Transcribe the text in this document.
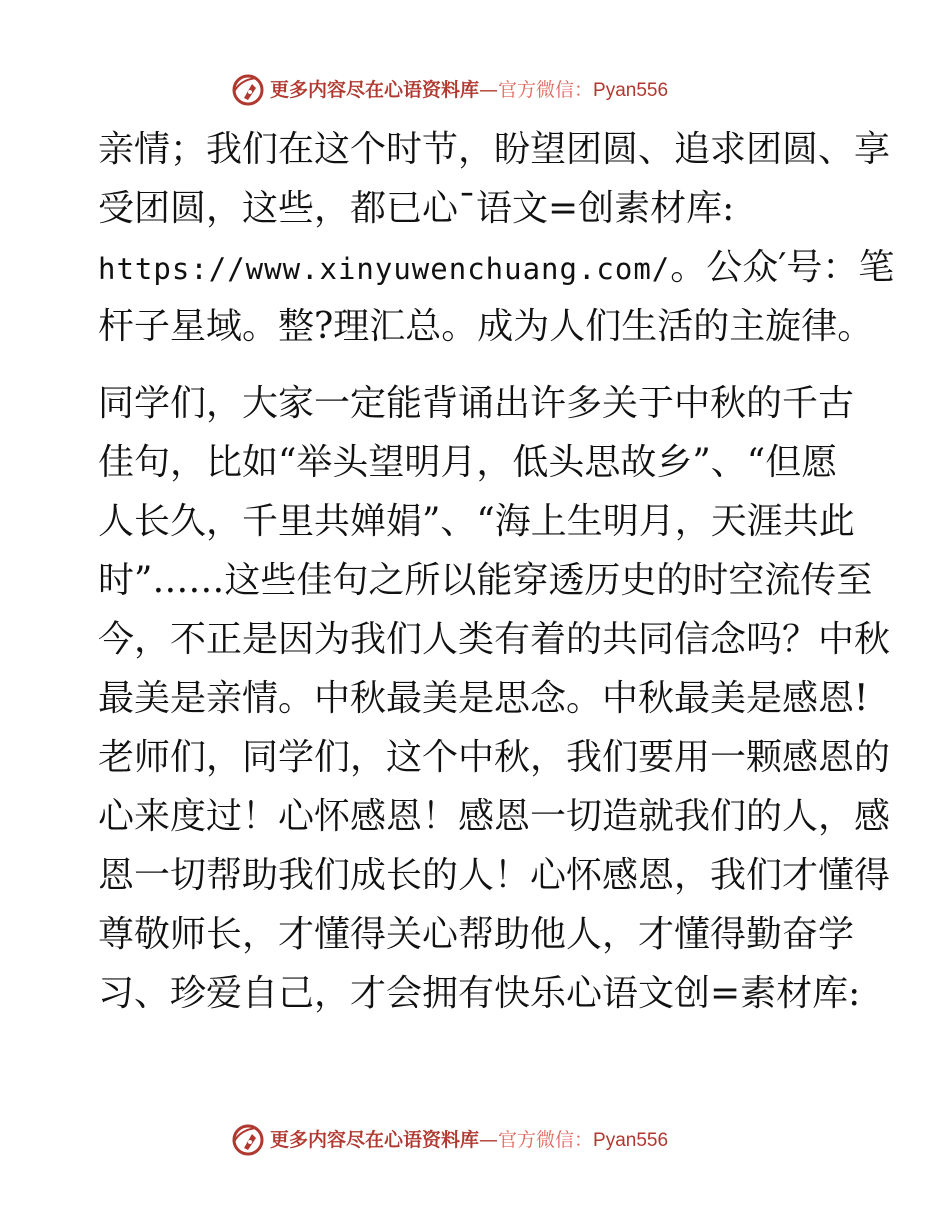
更多内容尽在心语资料库—官方微信：Pyan556
亲情；我们在这个时节，盼望团圆、追求团圆、享
受团圆，这些，都已心¯语文=创素材库:
https://www.xinyuwenchuang.com/。公众′号：笔
杆子星域。整?理汇总。成为人们生活的主旋律。
同学们，大家一定能背诵出许多关于中秋的千古
佳句，比如“举头望明月，低头思故乡”、“但愿
人长久，千里共婵娟”、“海上生明月，天涯共此
时”……这些佳句之所以能穿透历史的时空流传至
今，不正是因为我们人类有着的共同信念吗？中秋
最美是亲情。中秋最美是思念。中秋最美是感恩!
老师们，同学们，这个中秋，我们要用一颗感恩的
心来度过！心怀感恩！感恩一切造就我们的人，感
恩一切帮助我们成长的人！心怀感恩，我们才懂得
尊敬师长，才懂得关心帮助他人，才懂得勤奋学
习、珍爱自己，才会拥有快乐心语文创=素材库:
更多内容尽在心语资料库—官方微信：Pyan556
